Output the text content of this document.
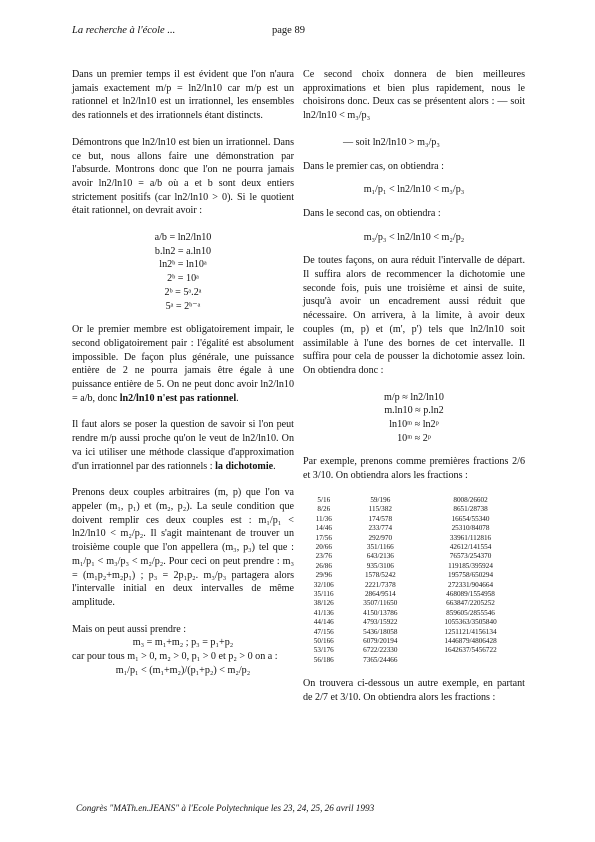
La recherche à l'école ...	page 89
Dans un premier temps il est évident que l'on n'aura jamais exactement m/p = ln2/ln10 car m/p est un rationnel et ln2/ln10 est un irrationnel, les ensembles des rationnels et des irrationnels étant distincts.
Démontrons que ln2/ln10 est bien un irrationnel. Dans ce but, nous allons faire une démonstration par l'absurde. Montrons donc que l'on ne pourra jamais avoir ln2/ln10 = a/b où a et b sont deux entiers strictement positifs (car ln2/ln10 > 0). Si le quotient était rationnel, on devrait avoir :
a/b = ln2/ln10
b.ln2 = a.ln10
ln2ᵇ = ln10ᵃ
2ᵇ = 10ᵃ
2ᵇ = 5ᵃ.2ᵃ
5ᵃ = 2ᵇ⁻ᵃ
Or le premier membre est obligatoirement impair, le second obligatoirement pair : l'égalité est absolument impossible. De façon plus générale, une puissance entière de 2 ne pourra jamais être égale à une puissance entière de 5. On ne peut donc avoir ln2/ln10 = a/b, donc ln2/ln10 n'est pas rationnel.
Il faut alors se poser la question de savoir si l'on peut rendre m/p aussi proche qu'on le veut de ln2/ln10. On va ici utiliser une méthode classique d'approximation d'un irrationnel par des rationnels : la dichotomie.
Prenons deux couples arbitraires (m, p) que l'on va appeler (m₁, p₁) et (m₂, p₂). La seule condition que doivent remplir ces deux couples est : m₁/p₁ < ln2/ln10 < m₂/p₂. Il s'agit maintenant de trouver un troisième couple que l'on appellera (m₃, p₃) tel que : m₁/p₁ < m₃/p₃ < m₂/p₂. Pour ceci on peut prendre : m₃ = (m₁p₂+m₂p₁) ; p₃ = 2p₁p₂. m₃/p₃ partagera alors l'intervalle initial en deux intervalles de même amplitude.
Mais on peut aussi prendre :
m₃ = m₁+m₂ ; p₃ = p₁+p₂
car pour tous m₁ > 0, m₂ > 0, p₁ > 0 et p₂ > 0 on a :
m₁/p₁ < (m₁+m₂)/(p₁+p₂) < m₂/p₂
Ce second choix donnera de bien meilleures approximations et bien plus rapidement, nous le choisirons donc. Deux cas se présentent alors : — soit ln2/ln10 < m₃/p₃
— soit ln2/ln10 > m₃/p₃
Dans le premier cas, on obtiendra :
m₁/p₁ < ln2/ln10 < m₃/p₃
Dans le second cas, on obtiendra :
m₃/p₃ < ln2/ln10 < m₂/p₂
De toutes façons, on aura réduit l'intervalle de départ. Il suffira alors de recommencer la dichotomie une seconde fois, puis une troisième et ainsi de suite, jusqu'à avoir un encadrement aussi réduit que nécessaire. On arrivera, à la limite, à avoir deux couples (m, p) et (m', p') tels que ln2/ln10 soit assimilable à l'une des bornes de cet intervalle. Il suffira pour cela de pousser la dichotomie assez loin. On obtiendra donc :
m/p ≈ ln2/ln10
m.ln10 ≈ p.ln2
ln10ᵐ ≈ ln2ᵖ
10ᵐ ≈ 2ᵖ
Par exemple, prenons comme premières fractions 2/6 et 3/10. On obtiendra alors les fractions :
5/16	59/196	8008/26602
8/26	115/382	8651/28738
11/36	174/578	16654/55340
14/46	233/774	25310/84078
17/56	292/970	33961/112816
20/66	351/1166	42612/141554
23/76	643/2136	76573/254370
26/86	935/3106	119185/395924
29/96	1578/5242	195758/650294
32/106	2221/7378	272331/904664
35/116	2864/9514	468089/1554958
38/126	3507/11650	663847/2205252
41/136	4150/13786	859605/2855546
44/146	4793/15922	1055363/3505840
47/156	5436/18058	1251121/4156134
50/166	6079/20194	1446879/4806428
53/176	6722/22330	1642637/5456722
56/186	7365/24466	
On trouvera ci-dessous un autre exemple, en partant de 2/7 et 3/10. On obtiendra alors les fractions :
Congrès "MATh.en.JEANS" à l'Ecole Polytechnique les 23, 24, 25, 26 avril 1993
